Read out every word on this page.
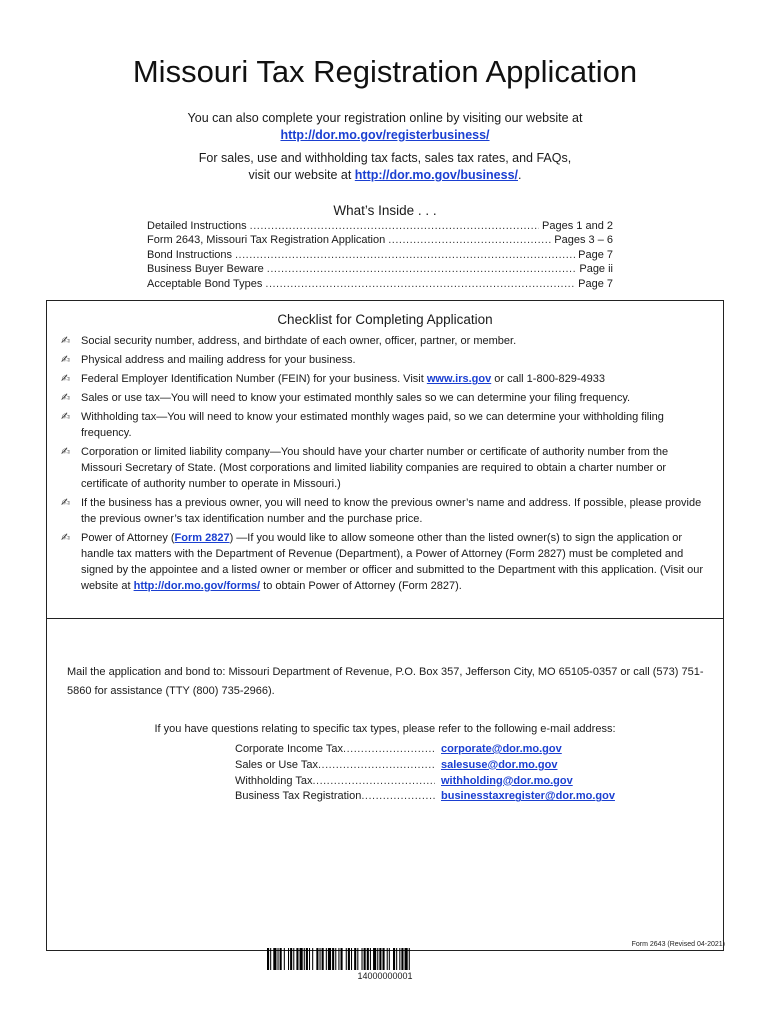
Missouri Tax Registration Application
You can also complete your registration online by visiting our website at
http://dor.mo.gov/registerbusiness/
For sales, use and withholding tax facts, sales tax rates, and FAQs,
visit our website at http://dor.mo.gov/business/.
What’s Inside . . .
Detailed Instructions .....	Pages 1 and 2
Form 2643, Missouri Tax Registration Application .....	Pages 3 – 6
Bond Instructions .....	Page 7
Business Buyer Beware .....	Page ii
Acceptable Bond Types .....	Page 7
Checklist for Completing Application
✍ Social security number, address, and birthdate of each owner, officer, partner, or member.
✍ Physical address and mailing address for your business.
✍ Federal Employer Identification Number (FEIN) for your business. Visit www.irs.gov or call 1-800-829-4933
✍ Sales or use tax—You will need to know your estimated monthly sales so we can determine your filing frequency.
✍ Withholding tax—You will need to know your estimated monthly wages paid, so we can determine your withholding filing frequency.
✍ Corporation or limited liability company—You should have your charter number or certificate of authority number from the Missouri Secretary of State. (Most corporations and limited liability companies are required to obtain a charter number or certificate of authority number to operate in Missouri.)
✍ If the business has a previous owner, you will need to know the previous owner’s name and address. If possible, please provide the previous owner’s tax identification number and the purchase price.
✍ Power of Attorney (Form 2827) —If you would like to allow someone other than the listed owner(s) to sign the application or handle tax matters with the Department of Revenue (Department), a Power of Attorney (Form 2827) must be completed and signed by the appointee and a listed owner or member or officer and submitted to the Department with this application. (Visit our website at http://dor.mo.gov/forms/ to obtain Power of Attorney (Form 2827).
Mail the application and bond to: Missouri Department of Revenue, P.O. Box 357, Jefferson City, MO 65105-0357 or call (573) 751-5860 for assistance (TTY (800) 735-2966).
If you have questions relating to specific tax types, please refer to the following e-mail address:
Corporate Income Tax .....	corporate@dor.mo.gov
Sales or Use Tax .....	salesuse@dor.mo.gov
Withholding Tax .....	withholding@dor.mo.gov
Business Tax Registration .....	businesstaxregister@dor.mo.gov
Form 2643 (Revised 04-2021)
14000000001
